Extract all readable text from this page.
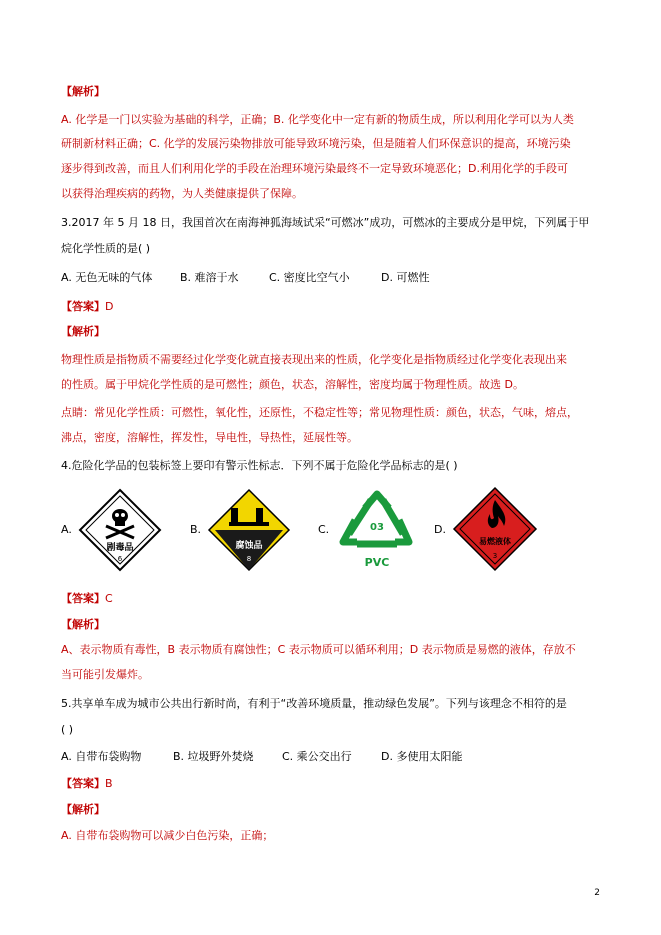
【解析】
A. 化学是一门以实验为基础的科学，正确；B. 化学变化中一定有新的物质生成，所以利用化学可以为人类
研制新材料正确；C. 化学的发展污染物排放可能导致环境污染，但是随着人们环保意识的提高，环境污染
逐步得到改善，而且人们利用化学的手段在治理环境污染最终不一定导致环境恶化；D.利用化学的手段可
以获得治理疾病的药物，为人类健康提供了保障。
3.2017 年 5 月 18 日，我国首次在南海神狐海域试采“可燃冰”成功，可燃冰的主要成分是甲烷，下列属于甲
烷化学性质的是( )
A. 无色无味的气体	B. 难溶于水	C. 密度比空气小	D. 可燃性
【答案】D
【解析】
物理性质是指物质不需要经过化学变化就直接表现出来的性质，化学变化是指物质经过化学变化表现出来
的性质。属于甲烷化学性质的是可燃性；颜色，状态，溶解性，密度均属于物理性质。故选 D。
点睛：常见化学性质：可燃性，氧化性，还原性，不稳定性等；常见物理性质：颜色，状态，气味，熔点，
沸点，密度，溶解性，挥发性，导电性，导热性，延展性等。
4.危险化学品的包装标签上要印有警示性标志．下列不属于危险化学品标志的是( )
A.
剧毒品
6
B.
腐蚀品
8
C.	03
PVC
D.
易燃液体
3
【答案】C
【解析】
A、表示物质有毒性，B 表示物质有腐蚀性；C 表示物质可以循环利用；D 表示物质是易燃的液体，存放不
当可能引发爆炸。
5.共享单车成为城市公共出行新时尚，有利于“改善环境质量，推动绿色发展”。下列与该理念不相符的是
( )
A. 自带布袋购物	B. 垃圾野外焚烧	C. 乘公交出行	D. 多使用太阳能
【答案】B
【解析】
A. 自带布袋购物可以减少白色污染，正确；
2
